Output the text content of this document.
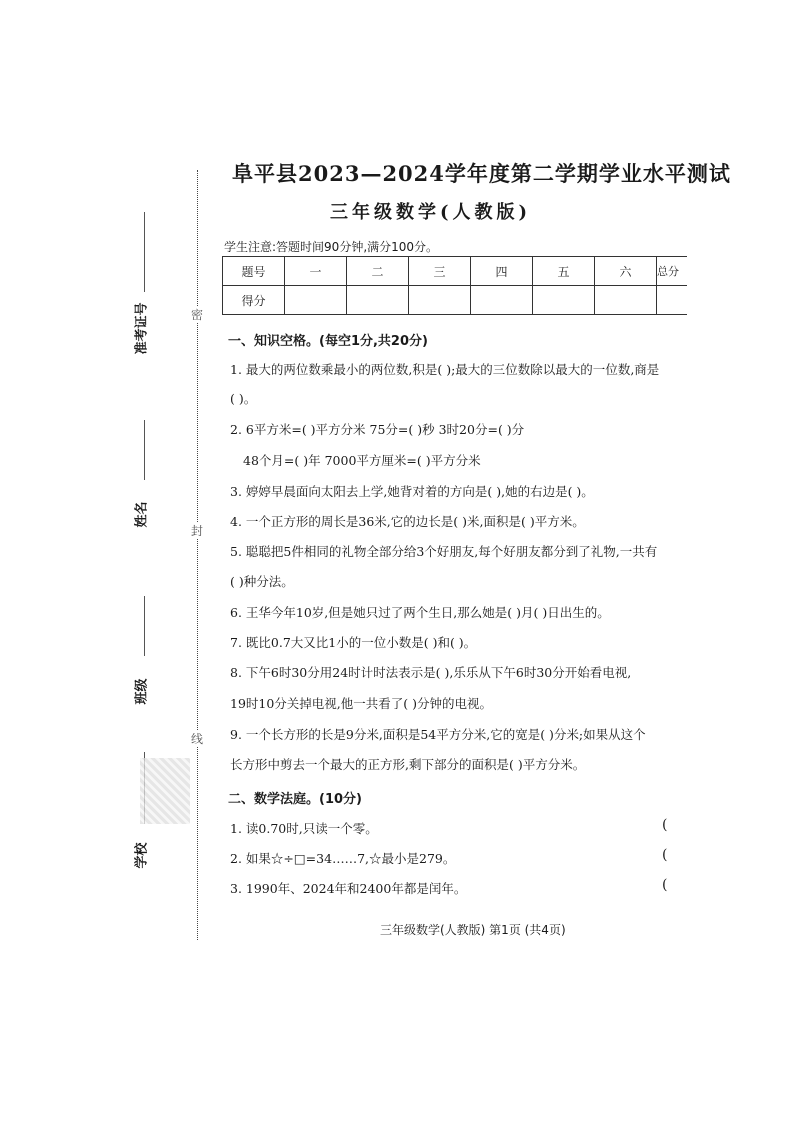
准考证号
姓名
班级
学校
密
封
线
阜平县2023—2024学年度第二学期学业水平测试
三年级数学(人教版)
学生注意:答题时间90分钟,满分100分。
题号	一	二	三	四	五	六	总分
得分							
一、知识空格。(每空1分,共20分)
1. 最大的两位数乘最小的两位数,积是( );最大的三位数除以最大的一位数,商是
( )。
2. 6平方米=( )平方分米 75分=( )秒 3时20分=( )分
48个月=( )年 7000平方厘米=( )平方分米
3. 婷婷早晨面向太阳去上学,她背对着的方向是( ),她的右边是( )。
4. 一个正方形的周长是36米,它的边长是( )米,面积是( )平方米。
5. 聪聪把5件相同的礼物全部分给3个好朋友,每个好朋友都分到了礼物,一共有
( )种分法。
6. 王华今年10岁,但是她只过了两个生日,那么她是( )月( )日出生的。
7. 既比0.7大又比1小的一位小数是( )和( )。
8. 下午6时30分用24时计时法表示是( ),乐乐从下午6时30分开始看电视,
19时10分关掉电视,他一共看了( )分钟的电视。
9. 一个长方形的长是9分米,面积是54平方分米,它的宽是( )分米;如果从这个
长方形中剪去一个最大的正方形,剩下部分的面积是( )平方分米。
二、数学法庭。(10分)
1. 读0.70时,只读一个零。	(
2. 如果☆÷□=34……7,☆最小是279。	(
3. 1990年、2024年和2400年都是闰年。	(
三年级数学(人教版) 第1页 (共4页)
